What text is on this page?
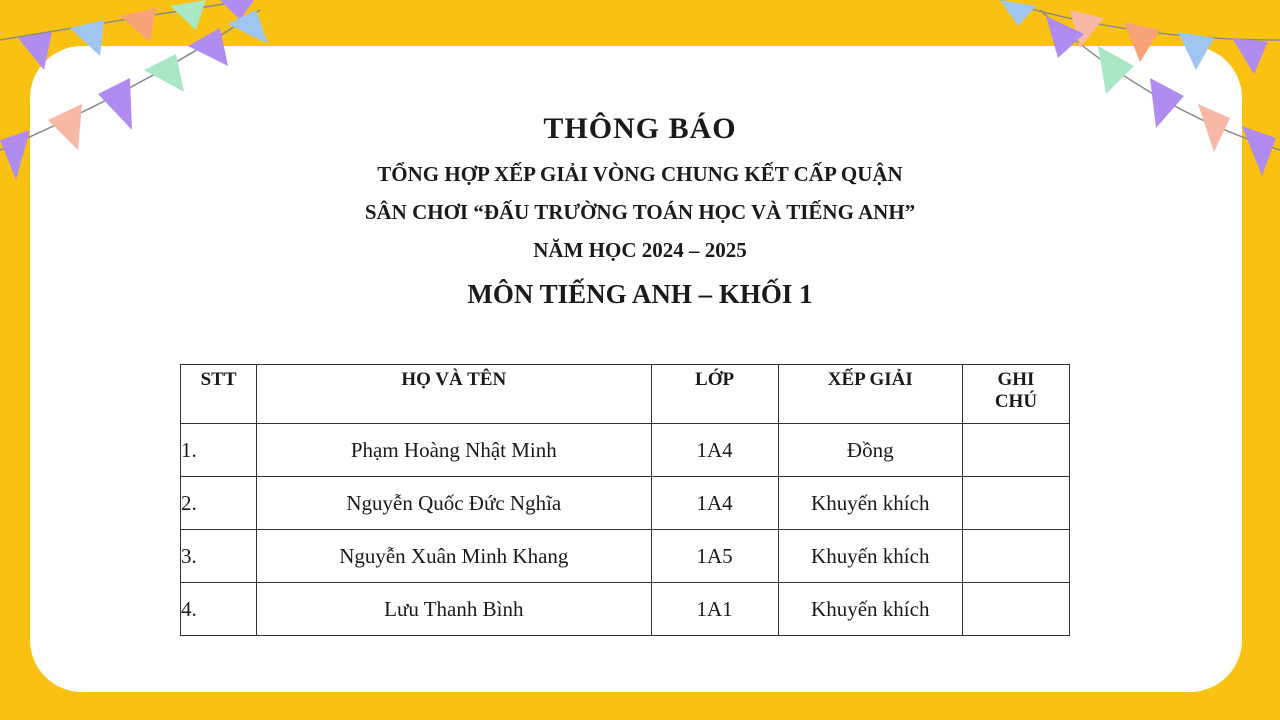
THÔNG BÁO
TỔNG HỢP XẾP GIẢI VÒNG CHUNG KẾT CẤP QUẬN
SÂN CHƠI “ĐẤU TRƯỜNG TOÁN HỌC VÀ TIẾNG ANH”
NĂM HỌC 2024 – 2025
MÔN TIẾNG ANH – KHỐI 1
STT	HỌ VÀ TÊN	LỚP	XẾP GIẢI	GHI
CHÚ

1.	Phạm Hoàng Nhật Minh	1A4	Đồng	
2.	Nguyễn Quốc Đức Nghĩa	1A4	Khuyến khích	
3.	Nguyễn Xuân Minh Khang	1A5	Khuyến khích	
4.	Lưu Thanh Bình	1A1	Khuyến khích	
